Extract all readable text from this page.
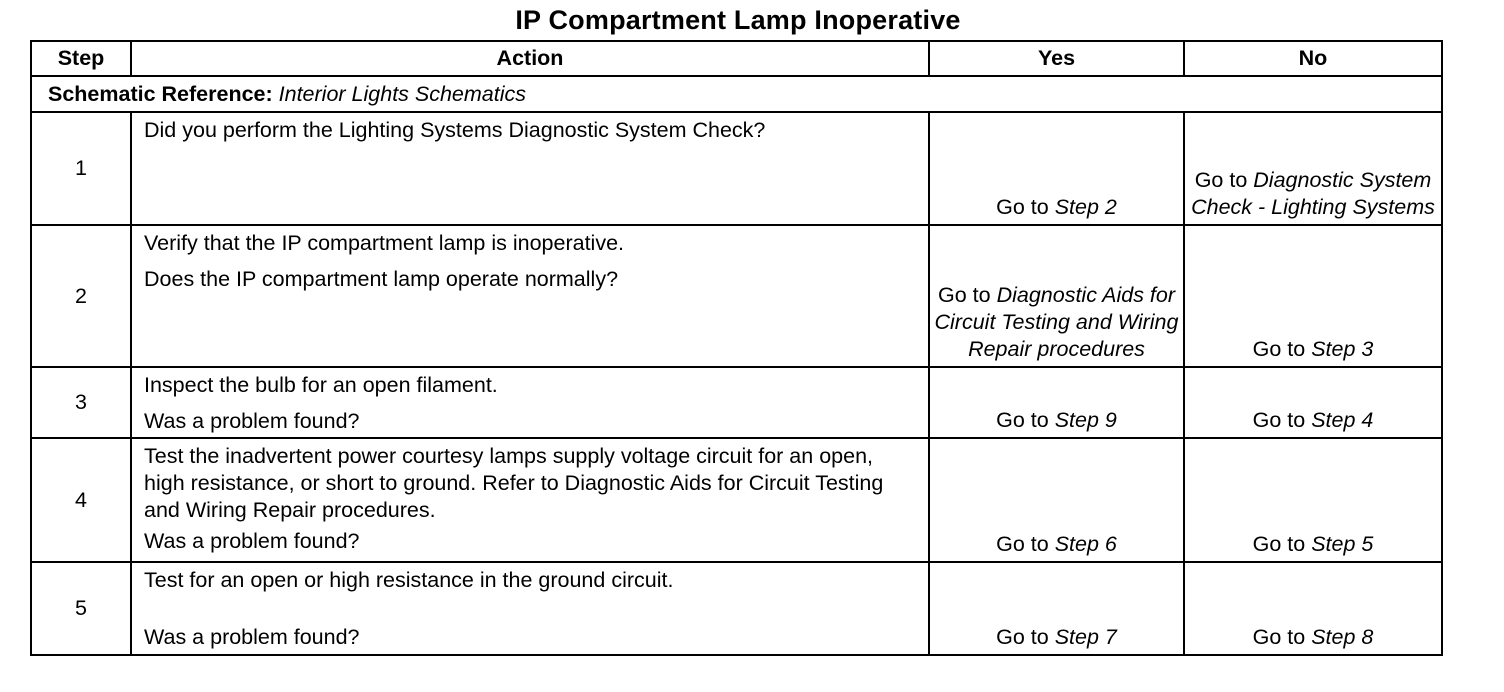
IP Compartment Lamp Inoperative
Step	Action	Yes	No
Schematic Reference: Interior Lights Schematics			
1	Did you perform the Lighting Systems Diagnostic System Check?	Go to Step 2	Go to Diagnostic System Check - Lighting Systems
2	Verify that the IP compartment lamp is inoperative.

Does the IP compartment lamp operate normally?	Go to Diagnostic Aids for Circuit Testing and Wiring Repair procedures	Go to Step 3
3	Inspect the bulb for an open filament.

Was a problem found?	Go to Step 9	Go to Step 4
4	Test the inadvertent power courtesy lamps supply voltage circuit for an open, high resistance, or short to ground. Refer to Diagnostic Aids for Circuit Testing and Wiring Repair procedures.

Was a problem found?	Go to Step 6	Go to Step 5
5	Test for an open or high resistance in the ground circuit.

Was a problem found?	Go to Step 7	Go to Step 8
